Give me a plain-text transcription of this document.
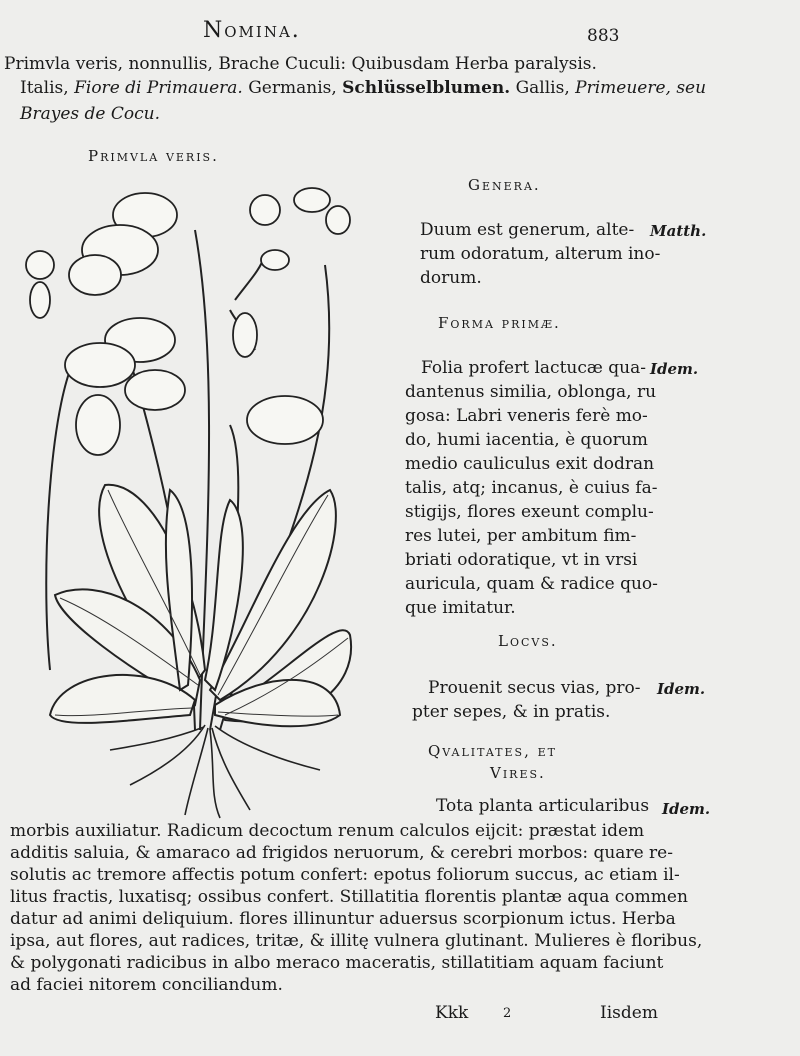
Nomina.	883
Primvla veris, nonnullis, Brache Cuculi: Quibusdam Herba paralysis.
Italis, Fiore di Primauera. Germanis, Schlüsselblumen. Gallis, Primeuere, seu
Brayes de Cocu.
Primvla veris.
Genera.
Duum est generum, alte-
rum odoratum, alterum ino-
dorum.
Matth.
Forma primæ.
Folia profert lactucæ qua-
dantenus similia, oblonga, ru
gosa: Labri veneris ferè mo-
do, humi iacentia, è quorum
medio cauliculus exit dodran
talis, atq; incanus, è cuius fa-
stigijs, flores exeunt complu-
res lutei, per ambitum fim-
briati odoratique, vt in vrsi
auricula, quam & radice quo-
que imitatur.
Idem.
Locvs.
Prouenit secus vias, pro-
pter sepes, & in pratis.
Idem.
Qvalitates, et
Vires.
Tota planta articularibus Idem.
morbis auxiliatur. Radicum decoctum renum calculos eijcit: præstat idem
additis saluia, & amaraco ad frigidos neruorum, & cerebri morbos: quare re-
solutis ac tremore affectis potum confert: epotus foliorum succus, ac etiam il-
litus fractis, luxatisq; ossibus confert. Stillatitia florentis plantæ aqua commen
datur ad animi deliquium. flores illinuntur aduersus scorpionum ictus. Herba
ipsa, aut flores, aut radices, tritæ, & illitę vulnera glutinant. Mulieres è floribus,
& polygonati radicibus in albo meraco maceratis, stillatitiam aquam faciunt
ad faciei nitorem conciliandum.
Kkk	2	Iisdem
